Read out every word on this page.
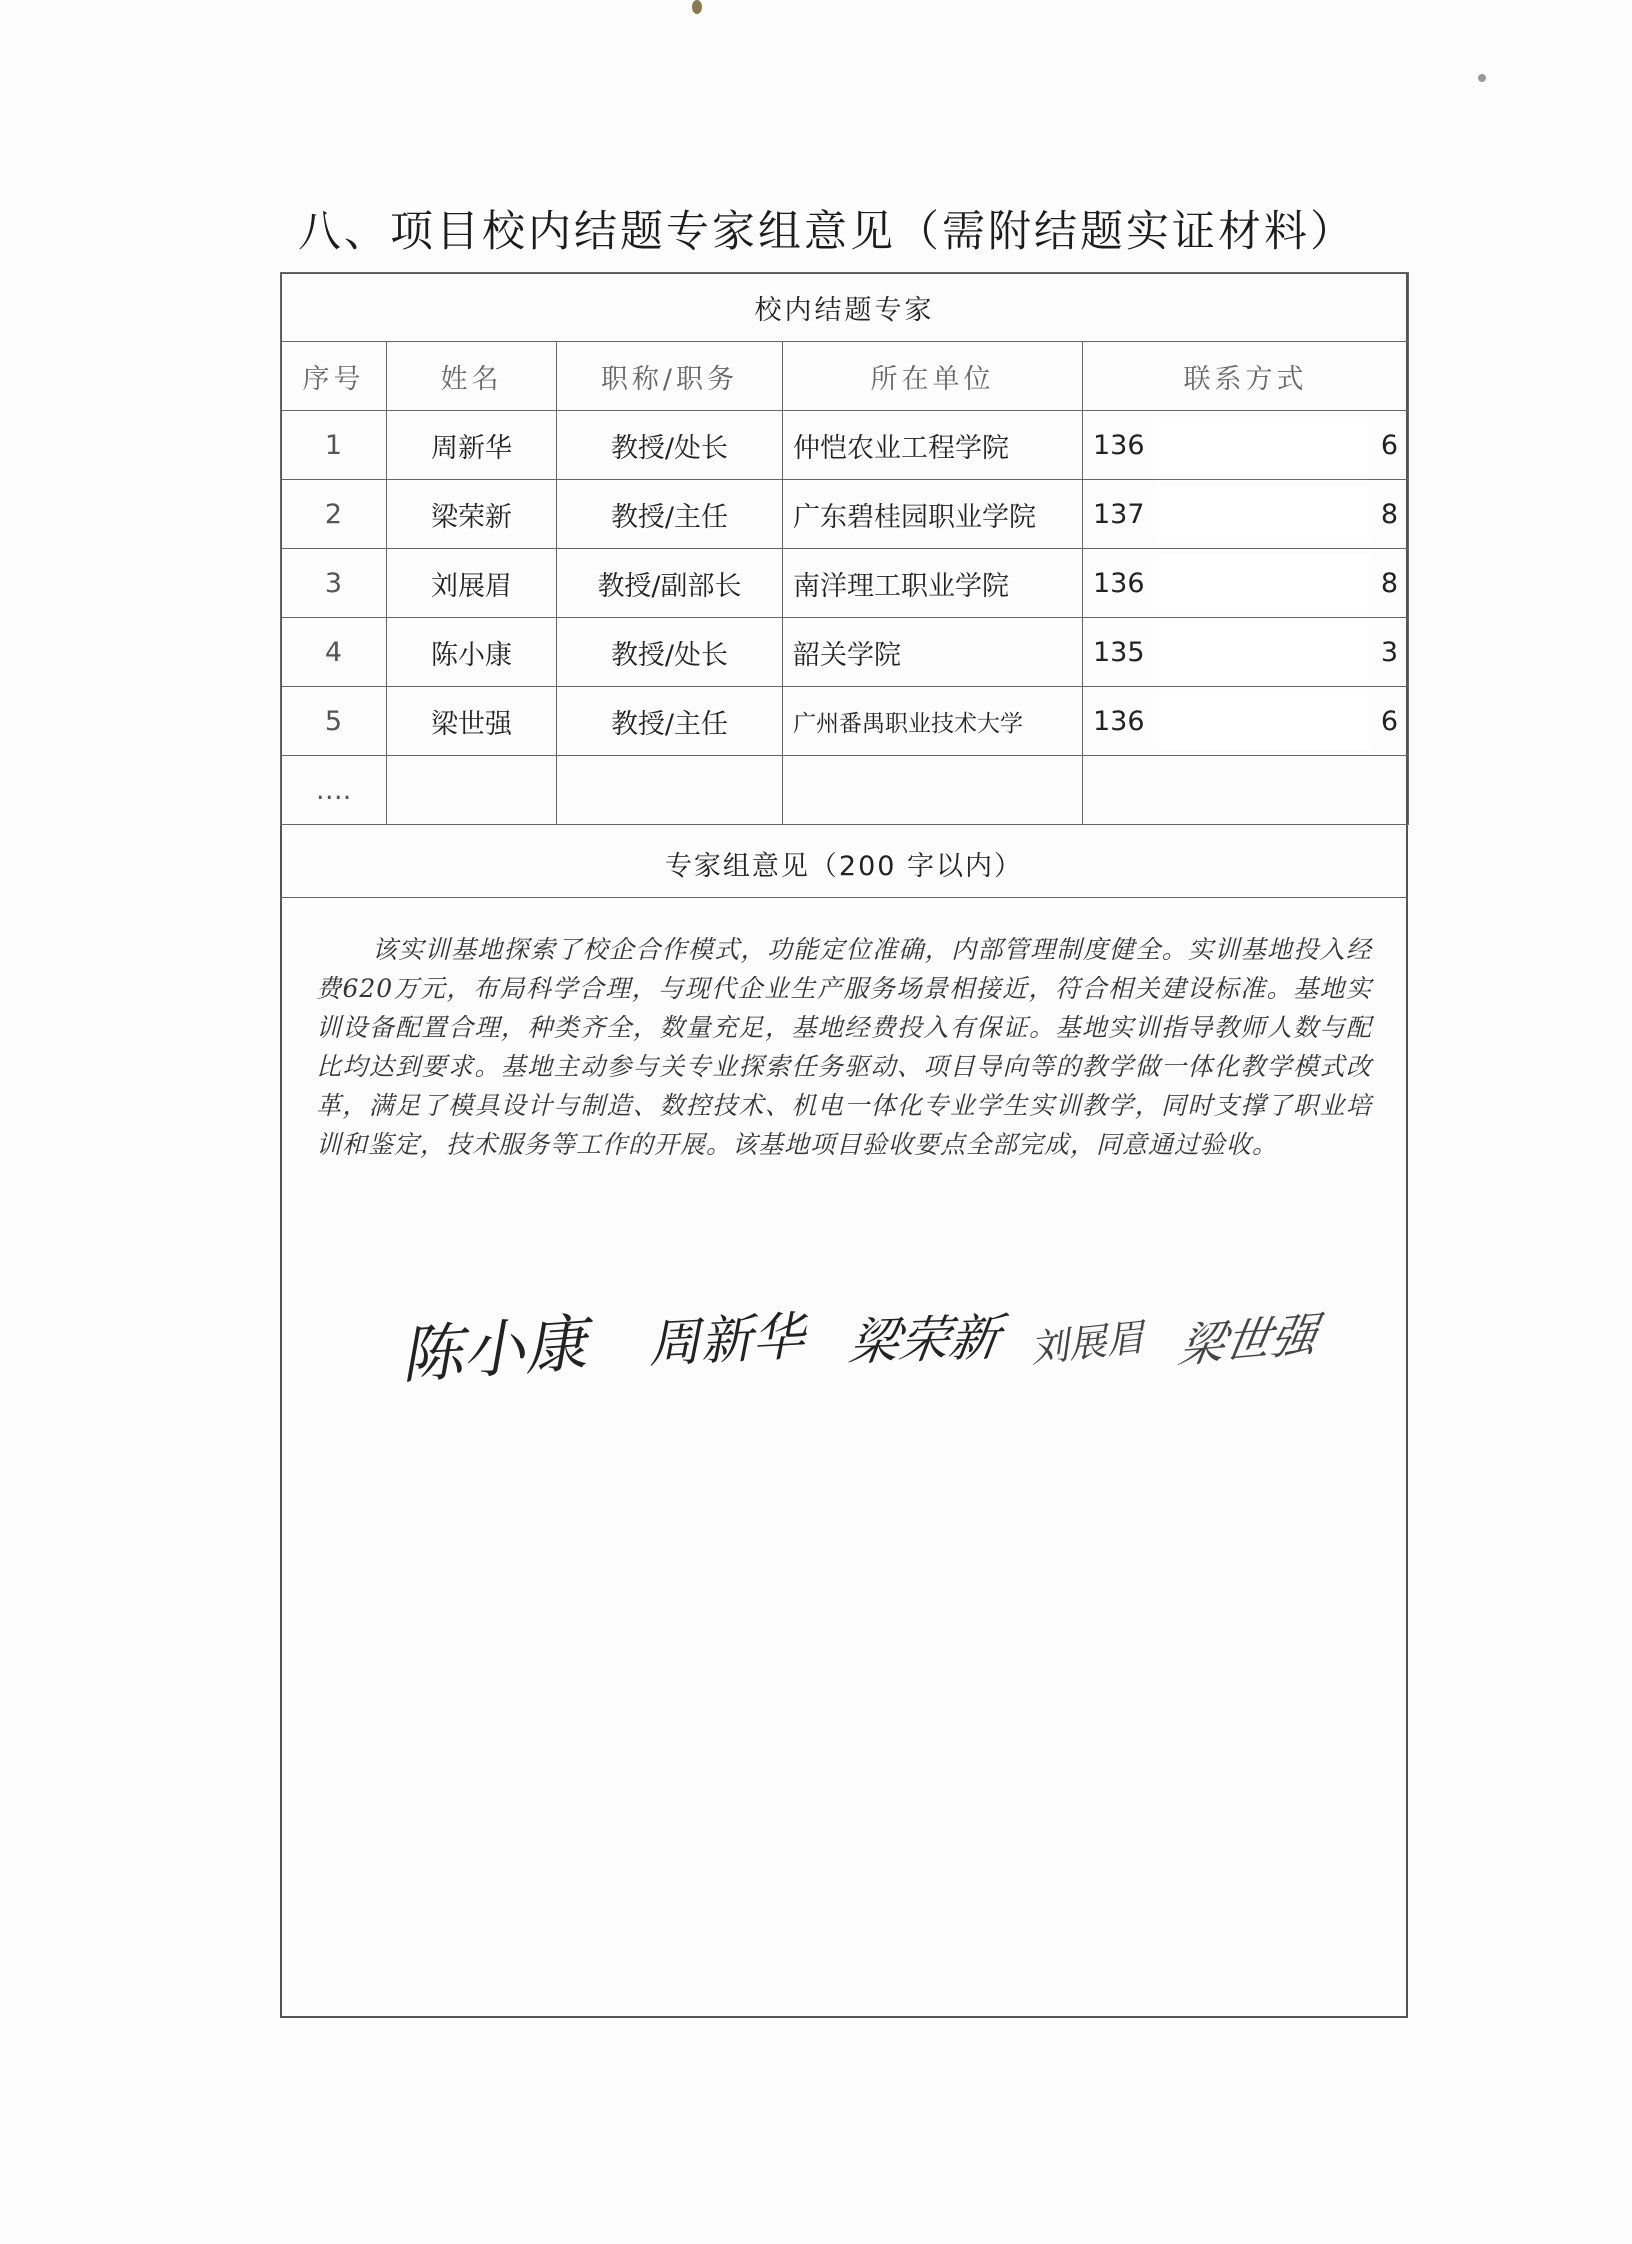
八、项目校内结题专家组意见（需附结题实证材料）
校内结题专家				
序号	姓名	职称/职务	所在单位	联系方式
1	周新华	教授/处长	仲恺农业工程学院	136 6

2	梁荣新	教授/主任	广东碧桂园职业学院	137 8

3	刘展眉	教授/副部长	南洋理工职业学院	136 8

4	陈小康	教授/处长	韶关学院	135 3

5	梁世强	教授/主任	广州番禺职业技术大学	136 6

….				
专家组意见（200 字以内）
该实训基地探索了校企合作模式，功能定位准确，内部管理制度健全。实训基地投入经费620万元，布局科学合理，与现代企业生产服务场景相接近，符合相关建设标准。基地实训设备配置合理，种类齐全，数量充足，基地经费投入有保证。基地实训指导教师人数与配比均达到要求。基地主动参与关专业探索任务驱动、项目导向等的教学做一体化教学模式改革，满足了模具设计与制造、数控技术、机电一体化专业学生实训教学，同时支撑了职业培训和鉴定，技术服务等工作的开展。该基地项目验收要点全部完成，同意通过验收。
陈小康 周新华 梁荣新 刘展眉 梁世强
